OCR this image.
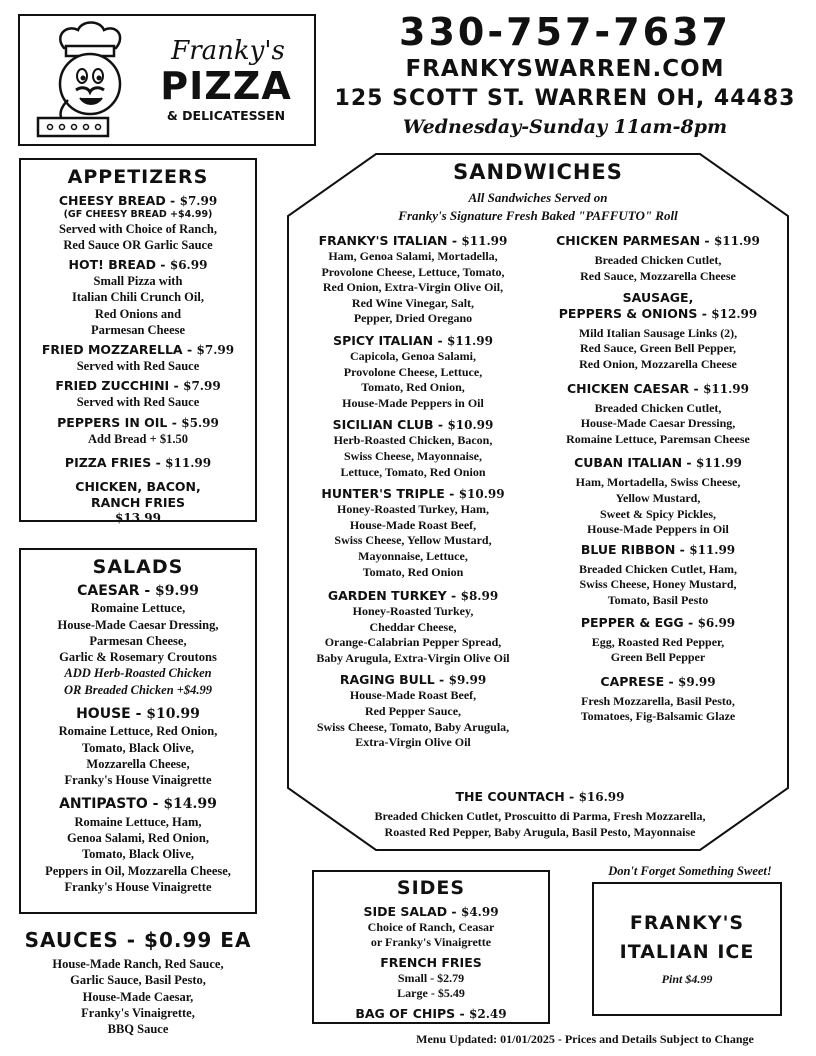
Franky's
PIZZA
& DELICATESSEN
330-757-7637
FRANKYSWARREN.COM
125 SCOTT ST. WARREN OH, 44483
Wednesday-Sunday 11am-8pm
APPETIZERS
CHEESY BREAD - $7.99
(GF CHEESY BREAD +$4.99)
Served with Choice of Ranch,
Red Sauce OR Garlic Sauce
HOT! BREAD - $6.99
Small Pizza with
Italian Chili Crunch Oil,
Red Onions and
Parmesan Cheese
FRIED MOZZARELLA - $7.99
Served with Red Sauce
FRIED ZUCCHINI - $7.99
Served with Red Sauce
PEPPERS IN OIL - $5.99
Add Bread + $1.50
PIZZA FRIES - $11.99
CHICKEN, BACON,
RANCH FRIES
$13.99
SALADS
CAESAR - $9.99
Romaine Lettuce,
House-Made Caesar Dressing,
Parmesan Cheese,
Garlic & Rosemary Croutons
ADD Herb-Roasted Chicken
OR Breaded Chicken +$4.99
HOUSE - $10.99
Romaine Lettuce, Red Onion,
Tomato, Black Olive,
Mozzarella Cheese,
Franky's House Vinaigrette
ANTIPASTO - $14.99
Romaine Lettuce, Ham,
Genoa Salami, Red Onion,
Tomato, Black Olive,
Peppers in Oil, Mozzarella Cheese,
Franky's House Vinaigrette
SAUCES - $0.99 EA
House-Made Ranch, Red Sauce,
Garlic Sauce, Basil Pesto,
House-Made Caesar,
Franky's Vinaigrette,
BBQ Sauce
SANDWICHES
All Sandwiches Served on
Franky's Signature Fresh Baked "PAFFUTO" Roll
FRANKY'S ITALIAN - $11.99
Ham, Genoa Salami, Mortadella,
Provolone Cheese, Lettuce, Tomato,
Red Onion, Extra-Virgin Olive Oil,
Red Wine Vinegar, Salt,
Pepper, Dried Oregano
SPICY ITALIAN - $11.99
Capicola, Genoa Salami,
Provolone Cheese, Lettuce,
Tomato, Red Onion,
House-Made Peppers in Oil
SICILIAN CLUB - $10.99
Herb-Roasted Chicken, Bacon,
Swiss Cheese, Mayonnaise,
Lettuce, Tomato, Red Onion
HUNTER'S TRIPLE - $10.99
Honey-Roasted Turkey, Ham,
House-Made Roast Beef,
Swiss Cheese, Yellow Mustard,
Mayonnaise, Lettuce,
Tomato, Red Onion
GARDEN TURKEY - $8.99
Honey-Roasted Turkey,
Cheddar Cheese,
Orange-Calabrian Pepper Spread,
Baby Arugula, Extra-Virgin Olive Oil
RAGING BULL - $9.99
House-Made Roast Beef,
Red Pepper Sauce,
Swiss Cheese, Tomato, Baby Arugula,
Extra-Virgin Olive Oil
CHICKEN PARMESAN - $11.99
Breaded Chicken Cutlet,
Red Sauce, Mozzarella Cheese
SAUSAGE,
PEPPERS & ONIONS - $12.99
Mild Italian Sausage Links (2),
Red Sauce, Green Bell Pepper,
Red Onion, Mozzarella Cheese
CHICKEN CAESAR - $11.99
Breaded Chicken Cutlet,
House-Made Caesar Dressing,
Romaine Lettuce, Paremsan Cheese
CUBAN ITALIAN - $11.99
Ham, Mortadella, Swiss Cheese,
Yellow Mustard,
Sweet & Spicy Pickles,
House-Made Peppers in Oil
BLUE RIBBON - $11.99
Breaded Chicken Cutlet, Ham,
Swiss Cheese, Honey Mustard,
Tomato, Basil Pesto
PEPPER & EGG - $6.99
Egg, Roasted Red Pepper,
Green Bell Pepper
CAPRESE - $9.99
Fresh Mozzarella, Basil Pesto,
Tomatoes, Fig-Balsamic Glaze
THE COUNTACH - $16.99
Breaded Chicken Cutlet, Proscuitto di Parma, Fresh Mozzarella,
Roasted Red Pepper, Baby Arugula, Basil Pesto, Mayonnaise
SIDES
SIDE SALAD - $4.99
Choice of Ranch, Ceasar
or Franky's Vinaigrette
FRENCH FRIES
Small - $2.79
Large - $5.49
BAG OF CHIPS - $2.49
Don't Forget Something Sweet!
FRANKY'S
ITALIAN ICE
Pint $4.99
Menu Updated: 01/01/2025 - Prices and Details Subject to Change
